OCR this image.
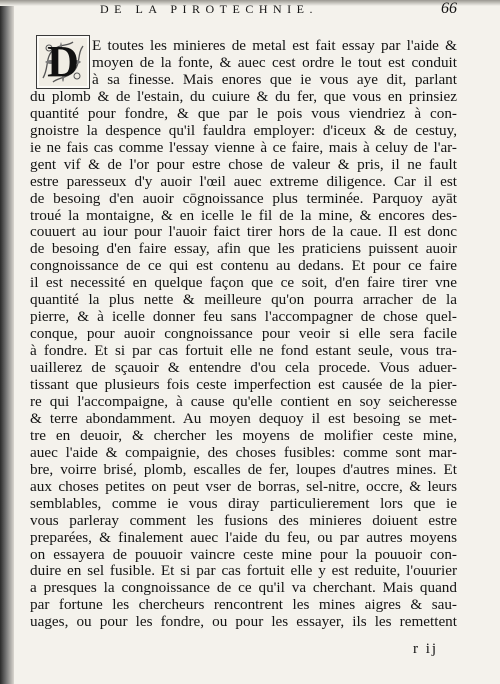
DE LA PIROTECHNIE.	66
D E toutes les minieres de metal est fait essay par l'aide &
moyen de la fonte, & auec cest ordre le tout est conduit
à sa finesse. Mais enores que ie vous aye dit, parlant
du plomb & de l'estain, du cuiure & du fer, que vous en prinsiez
quantité pour fondre, & que par le pois vous viendriez à con-
gnoistre la despence qu'il fauldra employer: d'iceux & de cestuy,
ie ne fais cas comme l'essay vienne à ce faire, mais à celuy de l'ar-
gent vif & de l'or pour estre chose de valeur & pris, il ne fault
estre paresseux d'y auoir l'œil auec extreme diligence. Car il est
de besoing d'en auoir cōgnoissance plus terminée. Parquoy ayāt
troué la montaigne, & en icelle le fil de la mine, & encores des-
couuert au iour pour l'auoir faict tirer hors de la caue. Il est donc
de besoing d'en faire essay, afin que les praticiens puissent auoir
congnoissance de ce qui est contenu au dedans. Et pour ce faire
il est necessité en quelque façon que ce soit, d'en faire tirer vne
quantité la plus nette & meilleure qu'on pourra arracher de la
pierre, & à icelle donner feu sans l'accompagner de chose quel-
conque, pour auoir congnoissance pour veoir si elle sera facile
à fondre. Et si par cas fortuit elle ne fond estant seule, vous tra-
uaillerez de sçauoir & entendre d'ou cela procede. Vous aduer-
tissant que plusieurs fois ceste imperfection est causée de la pier-
re qui l'accompaigne, à cause qu'elle contient en soy seicheresse
& terre abondamment. Au moyen dequoy il est besoing se met-
tre en deuoir, & chercher les moyens de molifier ceste mine,
auec l'aide & compaignie, des choses fusibles: comme sont mar-
bre, voirre brisé, plomb, escalles de fer, loupes d'autres mines. Et
aux choses petites on peut vser de borras, sel-nitre, occre, & leurs
semblables, comme ie vous diray particulierement lors que ie
vous parleray comment les fusions des minieres doiuent estre
preparées, & finalement auec l'aide du feu, ou par autres moyens
on essayera de pouuoir vaincre ceste mine pour la pouuoir con-
duire en sel fusible. Et si par cas fortuit elle y est reduite, l'ouurier
a presques la congnoissance de ce qu'il va cherchant. Mais quand
par fortune les chercheurs rencontrent les mines aigres & sau-
uages, ou pour les fondre, ou pour les essayer, ils les remettent
r ij
